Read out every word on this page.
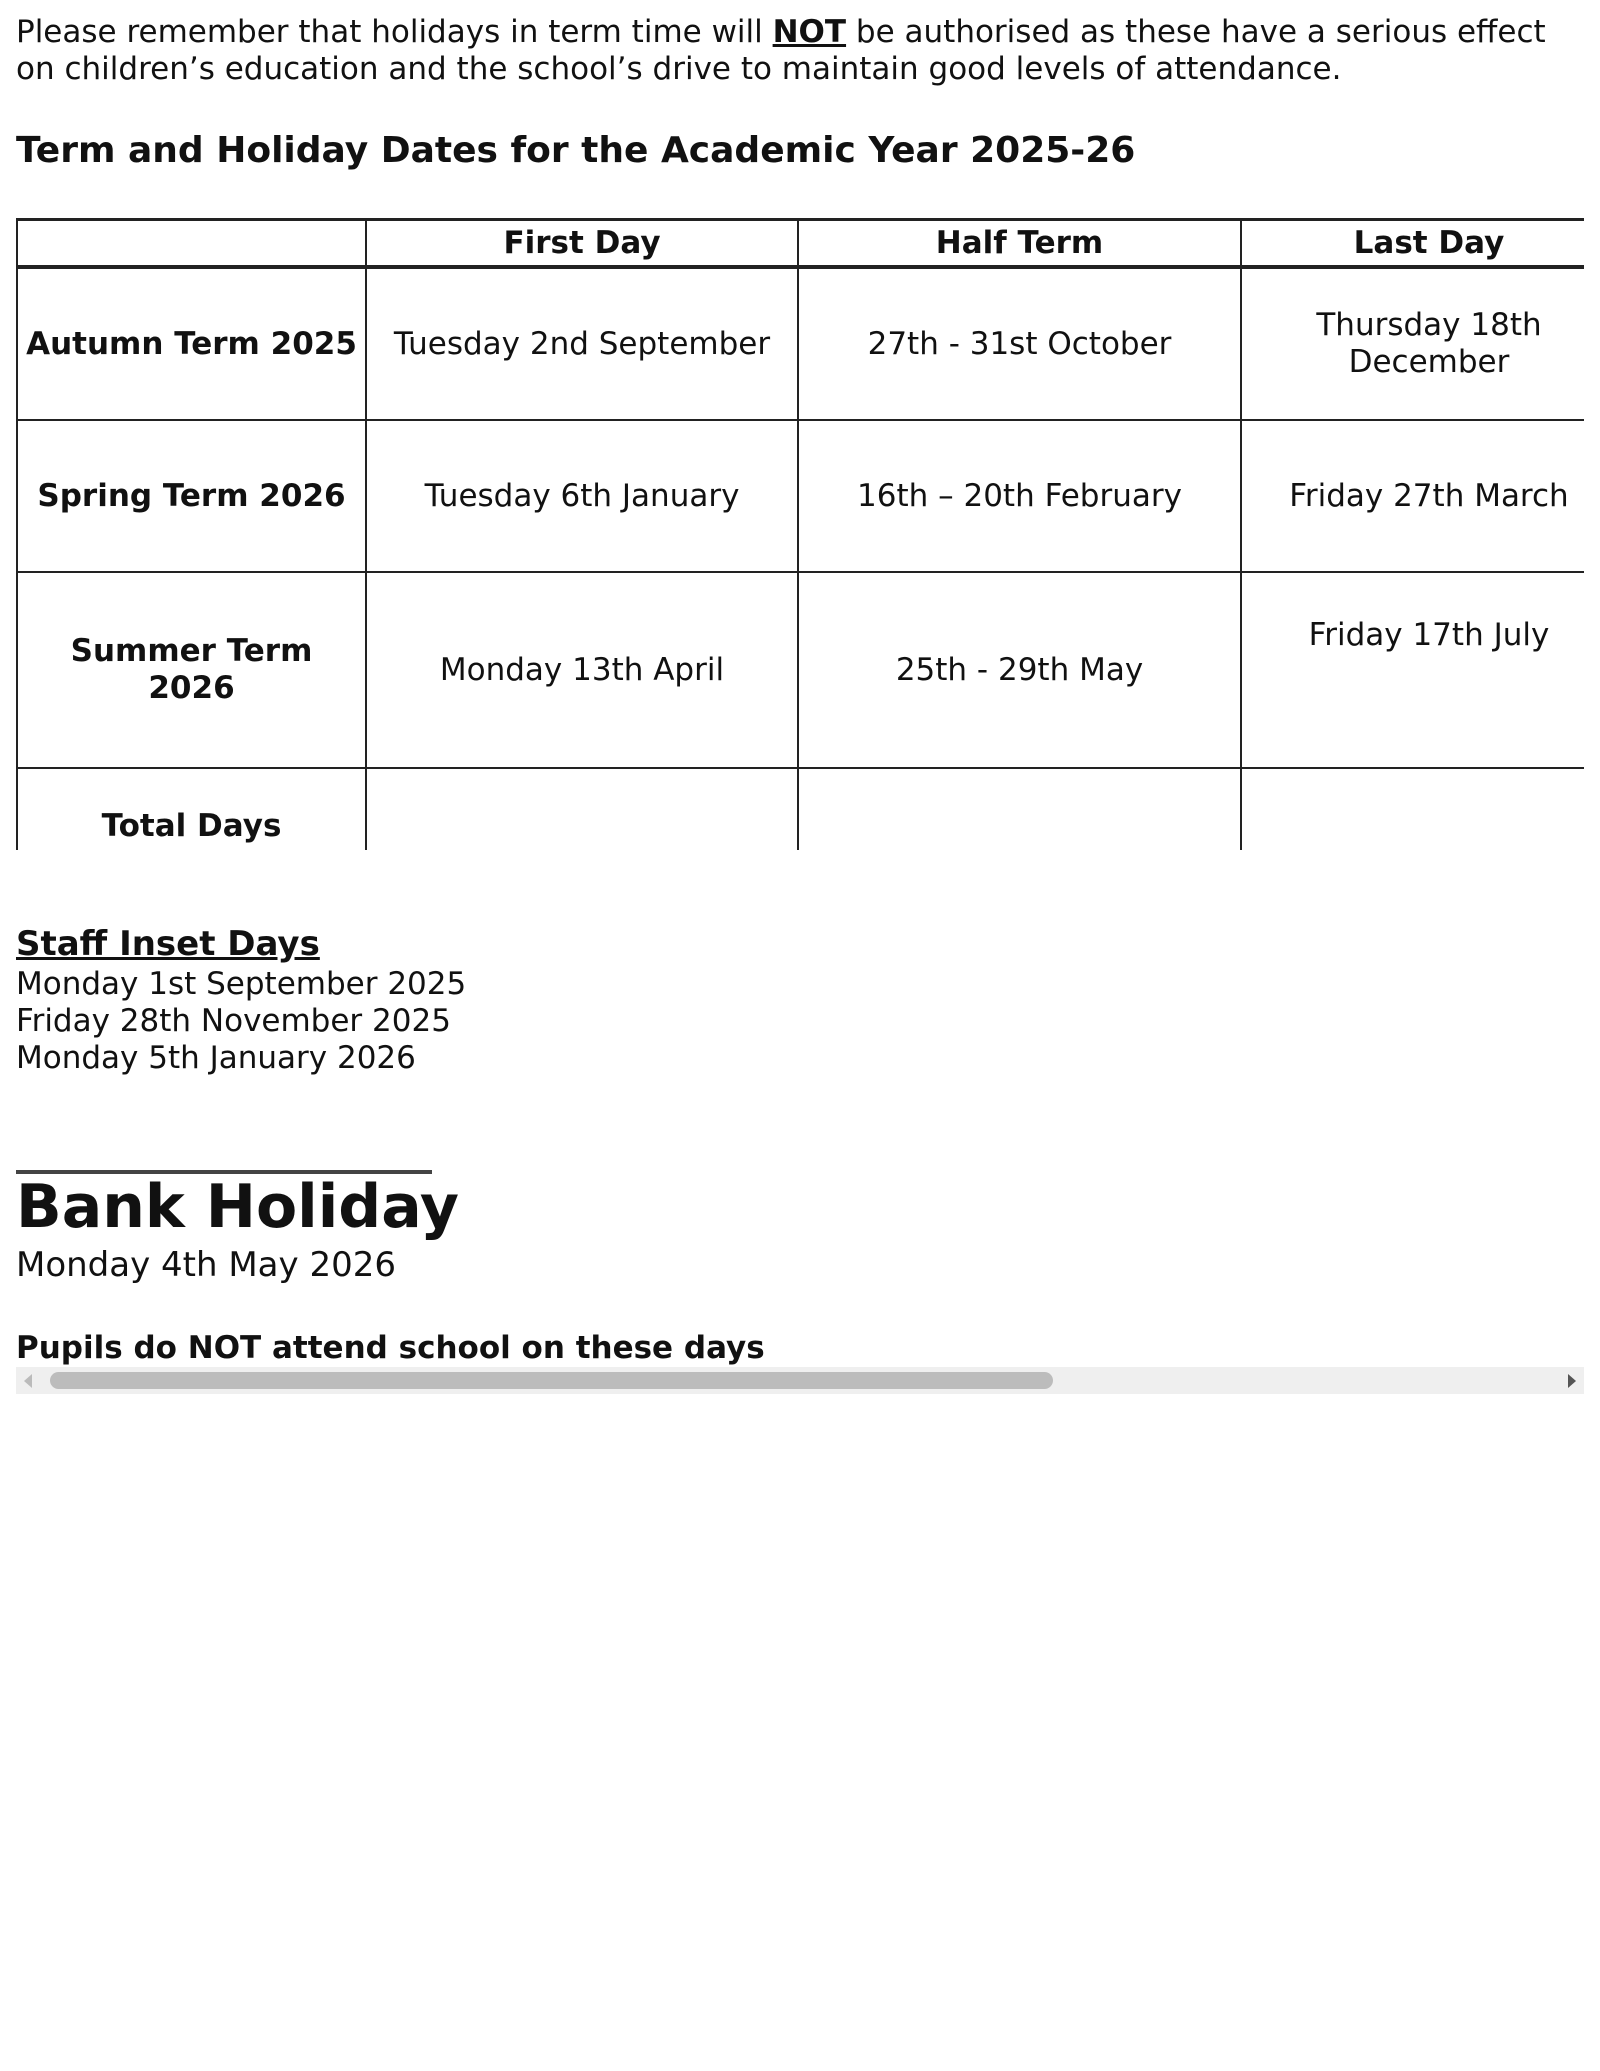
Please remember that holidays in term time will NOT be authorised as these have a serious effect on children’s education and the school’s drive to maintain good levels of attendance.
Term and Holiday Dates for the Academic Year 2025-26
	First Day	Half Term	Last Day
Autumn Term 2025	Tuesday 2nd September	27th - 31st October	Thursday 18th December
Spring Term 2026	Tuesday 6th January	16th – 20th February	Friday 27th March
Summer Term 2026	Monday 13th April	25th - 29th May	Friday 17th July
Total Days			
Staff Inset Days
Monday 1st September 2025
Friday 28th November 2025
Monday 5th January 2026
Bank Holiday
Monday 4th May 2026
Pupils do NOT attend school on these days
